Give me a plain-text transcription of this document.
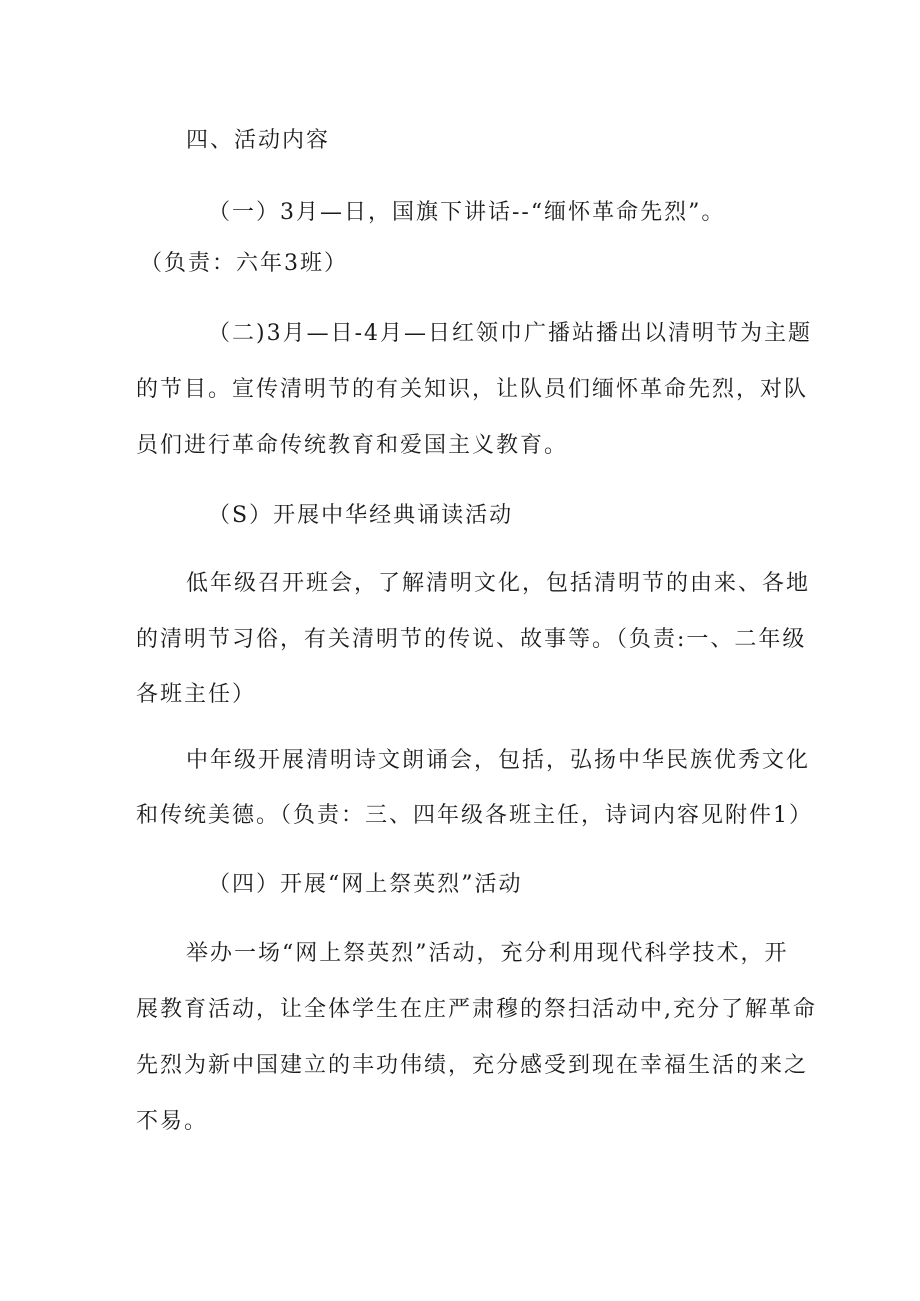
四、活动内容
（一）3月—日，国旗下讲话--“缅怀革命先烈”。
（负责：六年3班）
（二)3月—日-4月—日红领巾广播站播出以清明节为主题
的节目。宣传清明节的有关知识，让队员们缅怀革命先烈，对队
员们进行革命传统教育和爱国主义教育。
（S）开展中华经典诵读活动
低年级召开班会，了解清明文化，包括清明节的由来、各地
的清明节习俗，有关清明节的传说、故事等。（负责:一、二年级
各班主任）
中年级开展清明诗文朗诵会，包括，弘扬中华民族优秀文化
和传统美德。（负责：三、四年级各班主任，诗词内容见附件1）
（四）开展“网上祭英烈”活动
举办一场“网上祭英烈”活动，充分利用现代科学技术，开
展教育活动，让全体学生在庄严肃穆的祭扫活动中,充分了解革命
先烈为新中国建立的丰功伟绩，充分感受到现在幸福生活的来之
不易。
